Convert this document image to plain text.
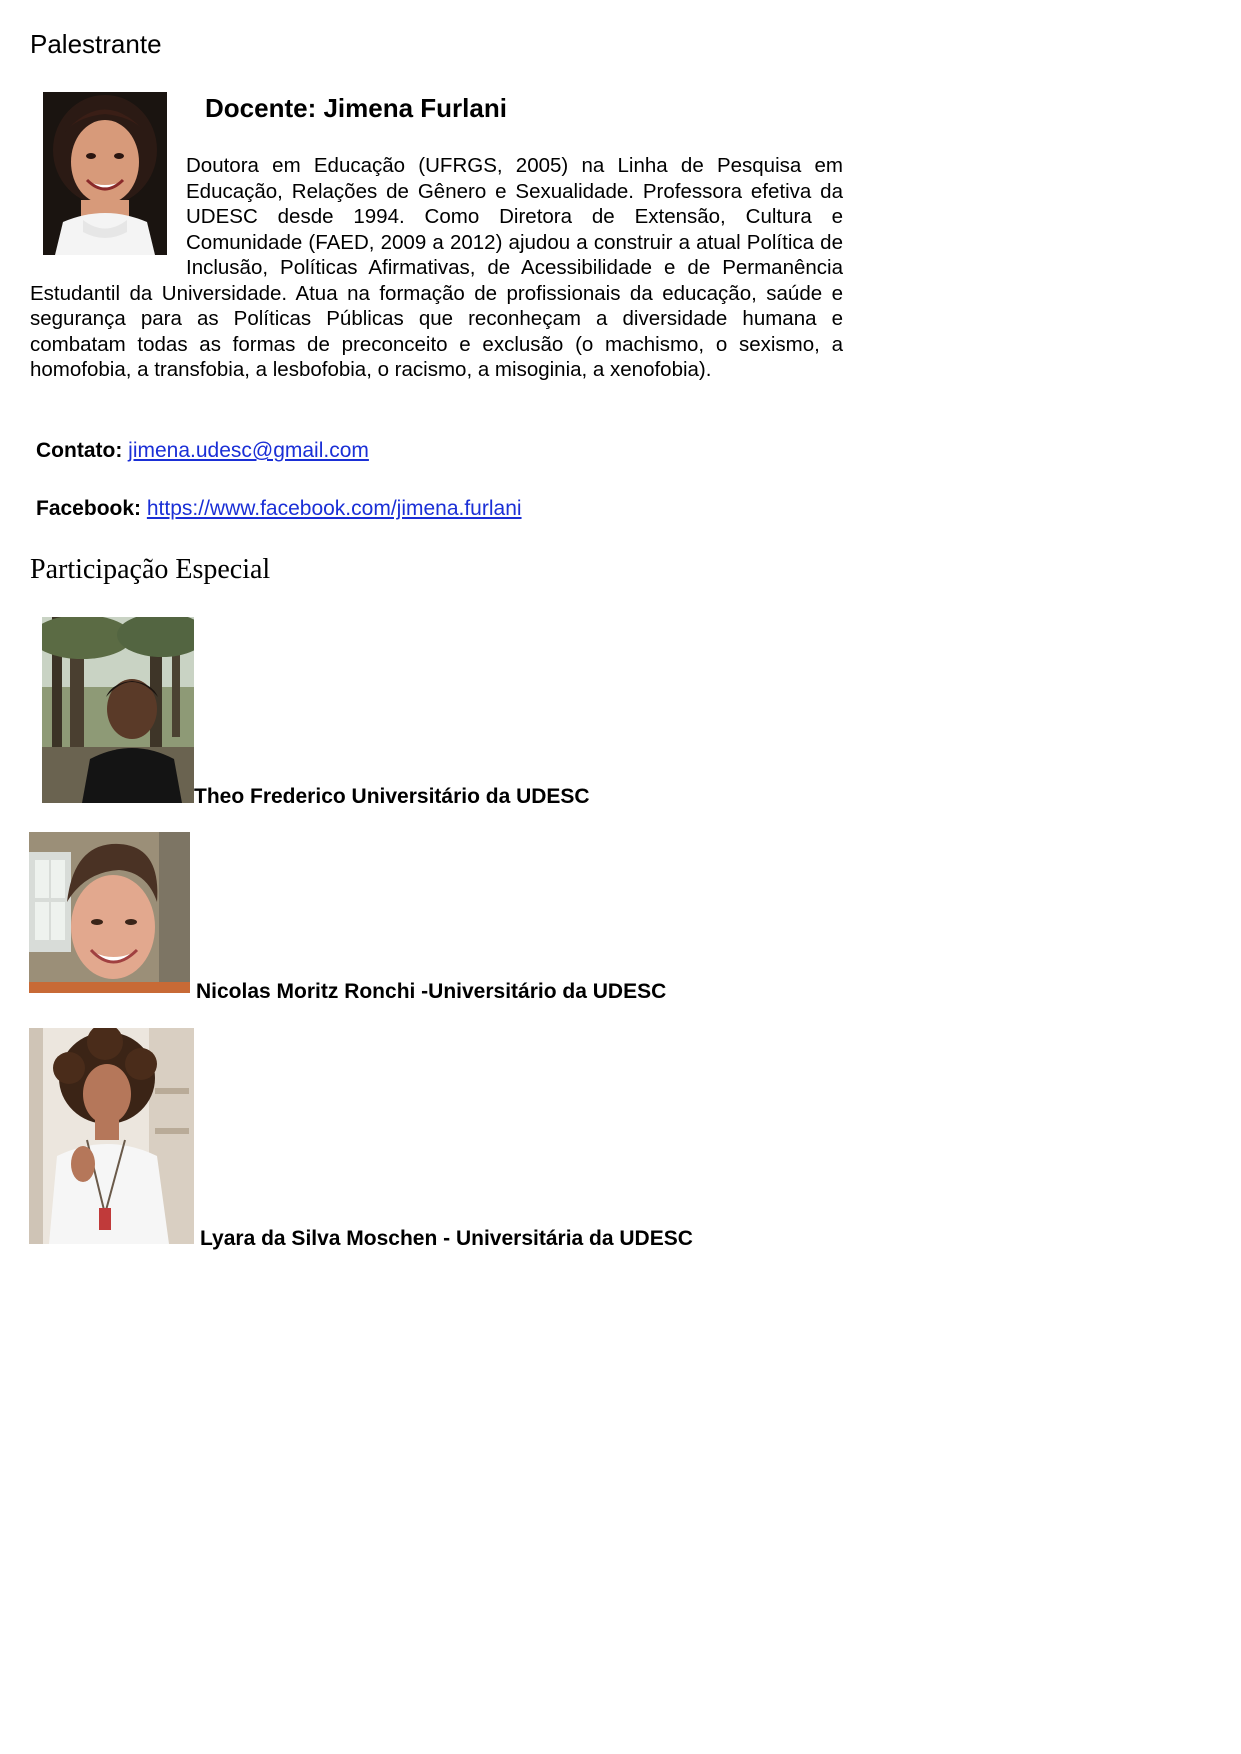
Palestrante
Docente: Jimena Furlani
Doutora em Educação (UFRGS, 2005) na Linha de Pesquisa em Educação, Relações de Gênero e Sexualidade. Professora efetiva da UDESC desde 1994. Como Diretora de Extensão, Cultura e Comunidade (FAED, 2009 a 2012) ajudou a construir a atual Política de Inclusão, Políticas Afirmativas, de Acessibilidade e de Permanência Estudantil da Universidade. Atua na formação de profissionais da educação, saúde e segurança para as Políticas Públicas que reconheçam a diversidade humana e combatam todas as formas de preconceito e exclusão (o machismo, o sexismo, a homofobia, a transfobia, a lesbofobia, o racismo, a misoginia, a xenofobia).
Contato: jimena.udesc@gmail.com
Facebook: https://www.facebook.com/jimena.furlani
Participação Especial
Theo Frederico Universitário da UDESC
Nicolas Moritz Ronchi -Universitário da UDESC
Lyara da Silva Moschen - Universitária da UDESC
